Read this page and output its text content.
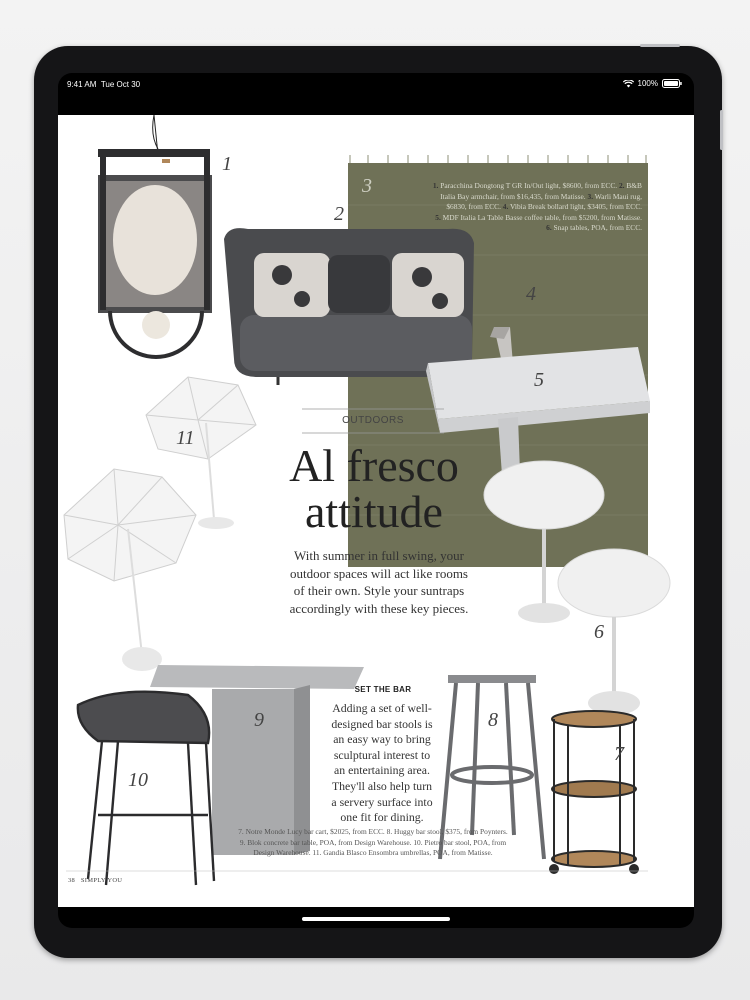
9:41 AM Tue Oct 30	100%
1
2
3
4
5
6
7
8
9
10
11
1. Paracchina Dongtong T GR In/Out light, $8600, from ECC. 2. B&B
Italia Bay armchair, from $16,435, from Matisse. 3. Warli Maui rug,
$6830, from ECC. 4. Vibia Break bollard light, $3405, from ECC.
5. MDF Italia La Table Basse coffee table, from $5200, from Matisse.
6. Snap tables, POA, from ECC.
OUTDOORS
Al fresco
attitude
With summer in full swing, your
outdoor spaces will act like rooms
of their own. Style your suntraps
accordingly with these key pieces.
SET THE BAR
Adding a set of well-
designed bar stools is
an easy way to bring
sculptural interest to
an entertaining area.
They'll also help turn
a servery surface into
one fit for dining.
7. Notre Monde Lucy bar cart, $2025, from ECC. 8. Huggy bar stool, $375, from Poynters.
9. Blok concrete bar table, POA, from Design Warehouse. 10. Pietro bar stool, POA, from
Design Warehouse. 11. Gandia Blasco Ensombra umbrellas, POA, from Matisse.
38 SIMPLY YOU
